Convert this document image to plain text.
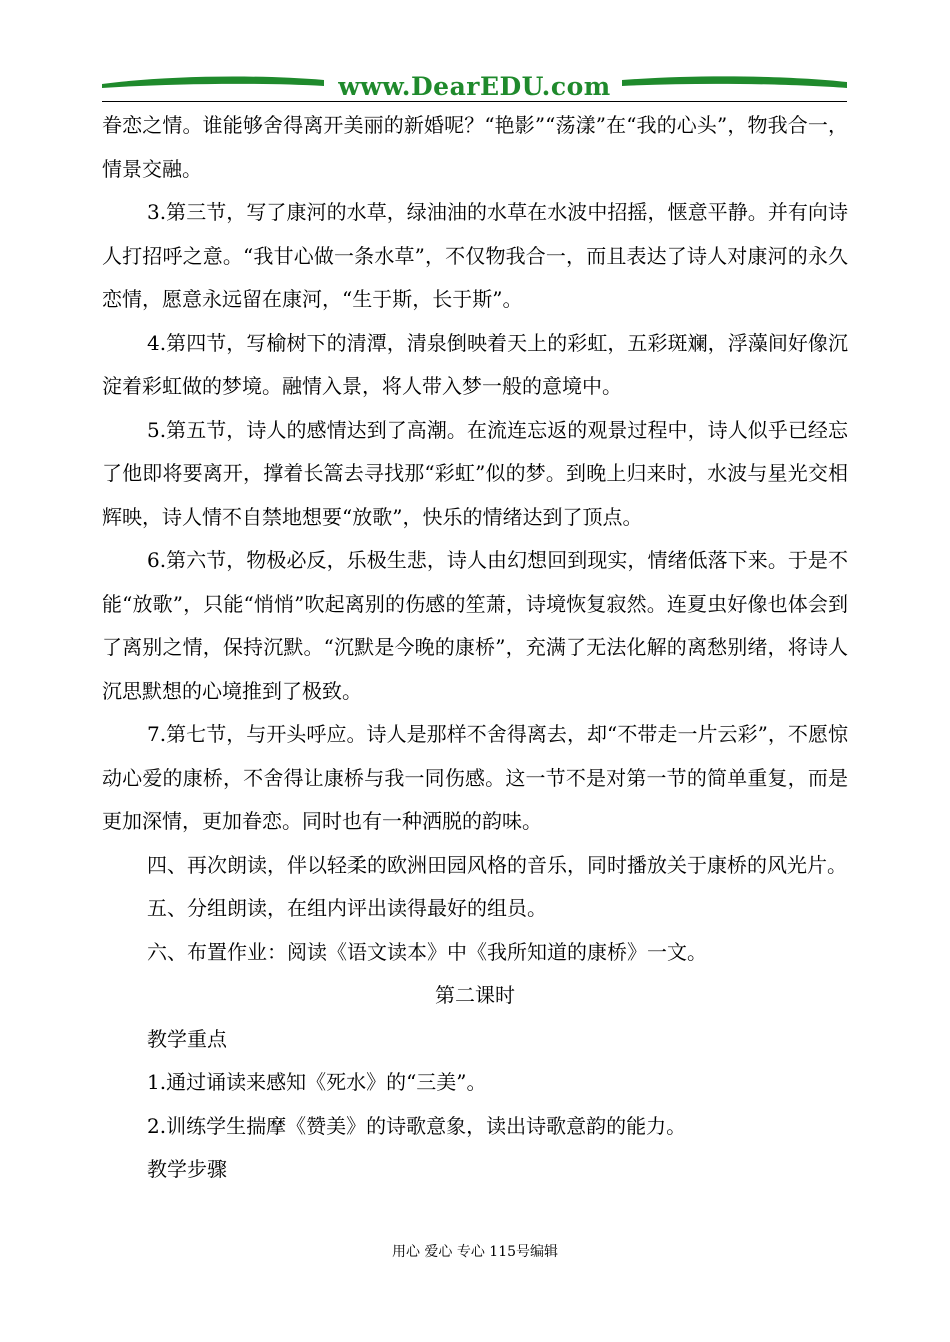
www.DearEDU.com

眷恋之情。谁能够舍得离开美丽的新婚呢？“艳影”“荡漾”在“我的心头”，物我合一，情景交融。

3.第三节，写了康河的水草，绿油油的水草在水波中招摇，惬意平静。并有向诗人打招呼之意。“我甘心做一条水草”，不仅物我合一，而且表达了诗人对康河的永久恋情，愿意永远留在康河，“生于斯，长于斯”。

4.第四节，写榆树下的清潭，清泉倒映着天上的彩虹，五彩斑斓，浮藻间好像沉淀着彩虹做的梦境。融情入景，将人带入梦一般的意境中。

5.第五节，诗人的感情达到了高潮。在流连忘返的观景过程中，诗人似乎已经忘了他即将要离开，撑着长篙去寻找那“彩虹”似的梦。到晚上归来时，水波与星光交相辉映，诗人情不自禁地想要“放歌”，快乐的情绪达到了顶点。

6.第六节，物极必反，乐极生悲，诗人由幻想回到现实，情绪低落下来。于是不能“放歌”，只能“悄悄”吹起离别的伤感的笙萧，诗境恢复寂然。连夏虫好像也体会到了离别之情，保持沉默。“沉默是今晚的康桥”，充满了无法化解的离愁别绪，将诗人沉思默想的心境推到了极致。

7.第七节，与开头呼应。诗人是那样不舍得离去，却“不带走一片云彩”，不愿惊动心爱的康桥，不舍得让康桥与我一同伤感。这一节不是对第一节的简单重复，而是更加深情，更加眷恋。同时也有一种洒脱的韵味。

四、再次朗读，伴以轻柔的欧洲田园风格的音乐，同时播放关于康桥的风光片。

五、分组朗读，在组内评出读得最好的组员。

六、布置作业：阅读《语文读本》中《我所知道的康桥》一文。

第二课时

教学重点

1.通过诵读来感知《死水》的“三美”。

2.训练学生揣摩《赞美》的诗歌意象，读出诗歌意韵的能力。

教学步骤

用心 爱心 专心 115号编辑
